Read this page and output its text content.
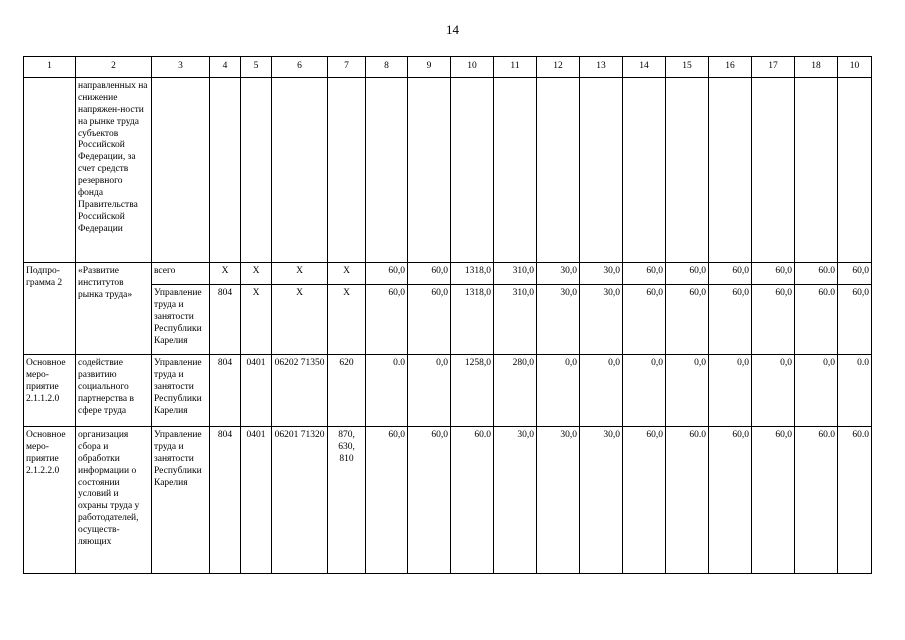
14
1	2	3	4	5	6	7	8	9	10	11	12	13	14	15	16	17	18	10
	направленных на снижение напряжен-ности на рынке труда субъектов Российской Федерации, за счет средств резервного фонда Правительства Российской Федерации																	
Подпро-грамма 2	«Развитие институтов рынка труда»	всего	X	X	X	X	60,0	60,0	1318,0	310,0	30,0	30,0	60,0	60,0	60,0	60,0	60.0	60,0
		Управление труда и занятости Республики Карелия	804	X	X	X	60,0	60,0	1318,0	310,0	30,0	30,0	60,0	60,0	60,0	60,0	60.0	60,0
Основное меро-приятие 2.1.1.2.0	содействие развитию социального партнерства в сфере труда	Управление труда и занятости Республики Карелия	804	0401	06202 71350	620	0.0	0,0	1258,0	280,0	0,0	0,0	0,0	0,0	0,0	0,0	0,0	0.0
Основное меро-приятие 2.1.2.2.0	организация сбора и обработки информации о состоянии условий и охраны труда у работодателей, осуществ-ляющих	Управление труда и занятости Республики Карелия	804	0401	06201 71320	870, 630, 810	60,0	60,0	60.0	30,0	30,0	30,0	60,0	60.0	60,0	60,0	60.0	60.0
